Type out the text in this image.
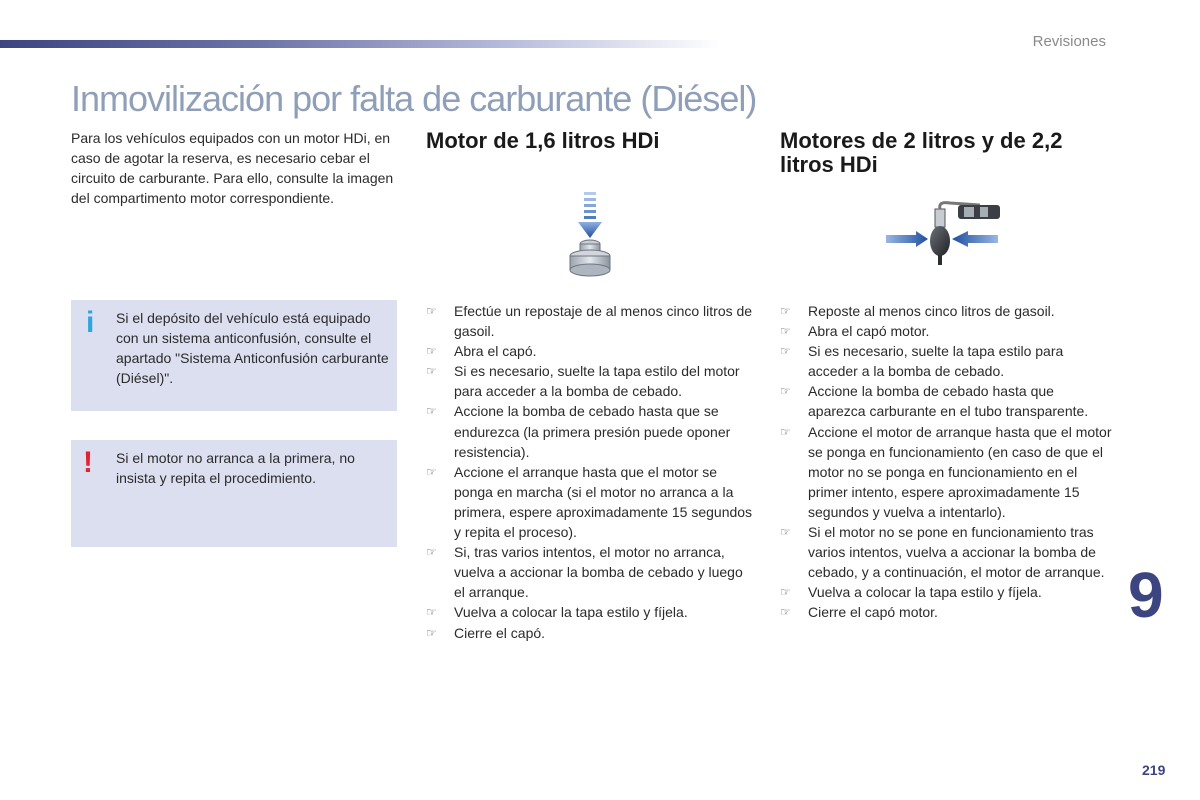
Revisiones
Inmovilización por falta de carburante (Diésel)

Para los vehículos equipados con un motor HDi, en caso de agotar la reserva, es necesario cebar el circuito de carburante. Para ello, consulte la imagen del compartimento motor correspondiente.

i Si el depósito del vehículo está equipado con un sistema anticonfusión, consulte el apartado "Sistema Anticonfusión carburante (Diésel)".

! Si el motor no arranca a la primera, no insista y repita el procedimiento.

Motor de 1,6 litros HDi	Motores de 2 litros y de 2,2 litros HDi
☞ Efectúe un repostaje de al menos cinco litros de gasoil.
☞ Abra el capó.
☞ Si es necesario, suelte la tapa estilo del motor para acceder a la bomba de cebado.
☞ Accione la bomba de cebado hasta que se endurezca (la primera presión puede oponer resistencia).
☞ Accione el arranque hasta que el motor se ponga en marcha (si el motor no arranca a la primera, espere aproximadamente 15 segundos y repita el proceso).
☞ Si, tras varios intentos, el motor no arranca, vuelva a accionar la bomba de cebado y luego el arranque.
☞ Vuelva a colocar la tapa estilo y fíjela.
☞ Cierre el capó.
☞ Reposte al menos cinco litros de gasoil.
☞ Abra el capó motor.
☞ Si es necesario, suelte la tapa estilo para acceder a la bomba de cebado.
☞ Accione la bomba de cebado hasta que aparezca carburante en el tubo transparente.
☞ Accione el motor de arranque hasta que el motor se ponga en funcionamiento (en caso de que el motor no se ponga en funcionamiento en el primer intento, espere aproximadamente 15 segundos y vuelva a intentarlo).
☞ Si el motor no se pone en funcionamiento tras varios intentos, vuelva a accionar la bomba de cebado, y a continuación, el motor de arranque.
☞ Vuelva a colocar la tapa estilo y fíjela.
☞ Cierre el capó motor.	9
219
